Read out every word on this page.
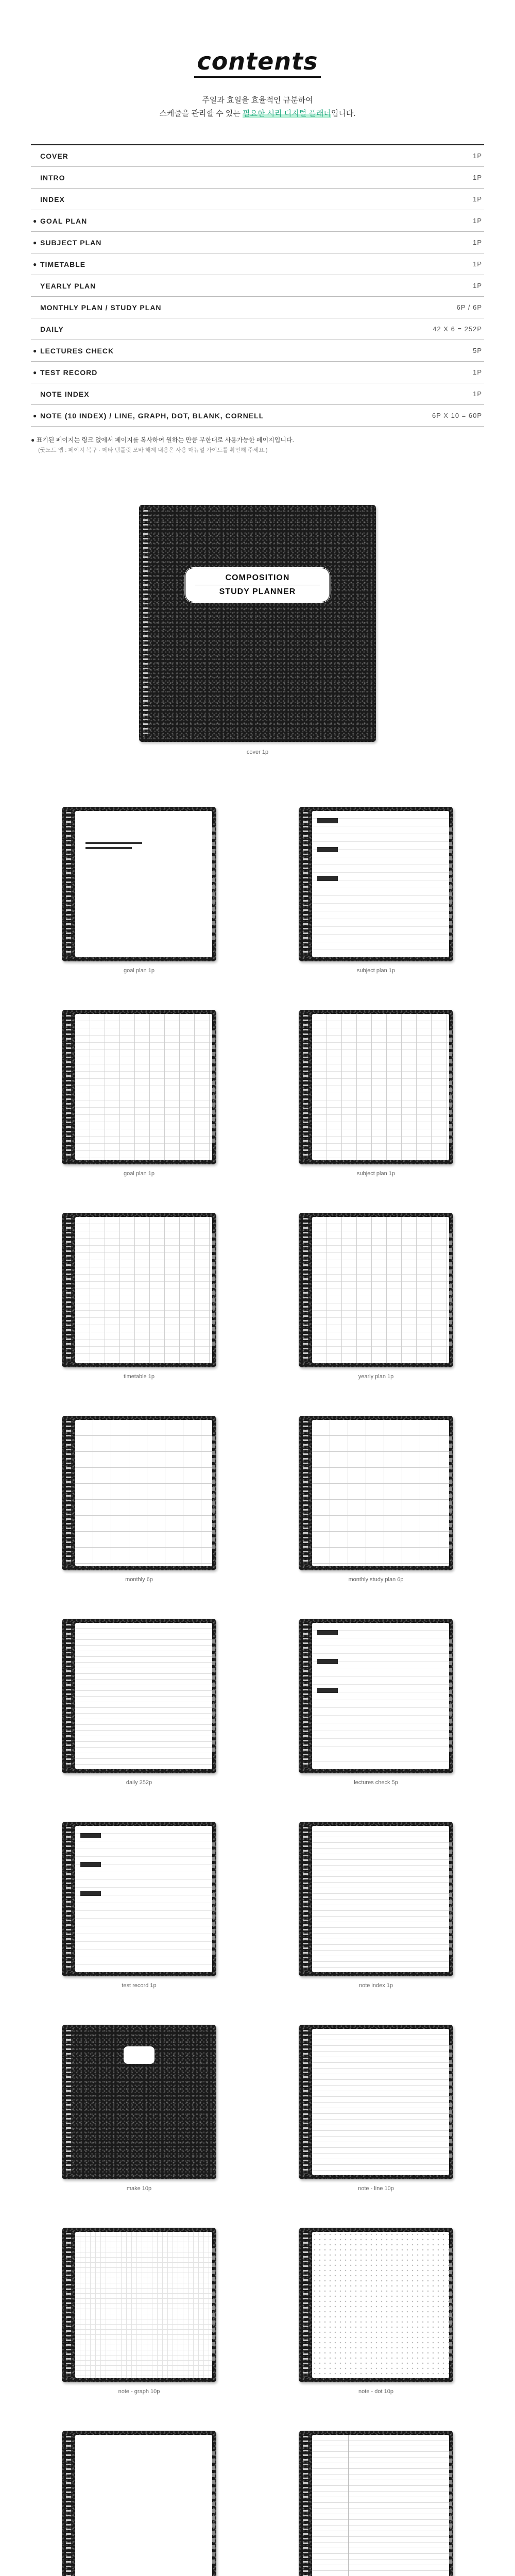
contents
주일과 효일을 효율적인 규분하여
스케줄을 관리할 수 있는 필요한 시리 디지털 플래너입니다.
COVER	1P
INTRO	1P
INDEX	1P
● GOAL PLAN	1P
● SUBJECT PLAN	1P
● TIMETABLE	1P
YEARLY PLAN	1P
MONTHLY PLAN / STUDY PLAN	6P / 6P
DAILY	42 X 6 = 252P
● LECTURES CHECK	5P
● TEST RECORD	1P
NOTE INDEX	1P
● NOTE (10 INDEX) / LINE, GRAPH, DOT, BLANK, CORNELL	6P X 10 = 60P
● 표기된 페이지는 링크 없에서 페이지를 복사하여 원하는 만큼 무한대로 사용가능한 페이지입니다.
(굿노트 앱 : 페이지 복구 · 메타 템플릿 모바 해제 내용은 사용 매뉴얼 가이드를 확인해 주세요.)
COMPOSITION
STUDY PLANNER
cover 1p
goal plan 1p	subject plan 1p
goal plan 1p	subject plan 1p
timetable 1p	yearly plan 1p
monthly 6p	monthly study plan 6p
daily 252p	lectures check 5p
test record 1p	note index 1p
make 10p	note - line 10p
note - graph 10p	note - dot 10p
